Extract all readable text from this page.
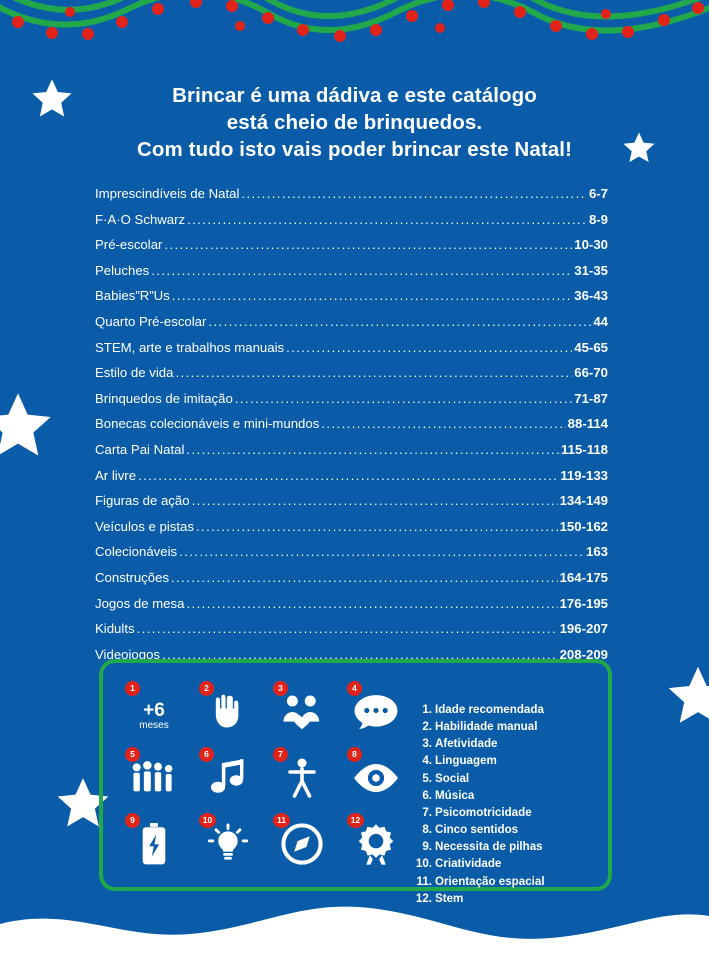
Brincar é uma dádiva e este catálogo
está cheio de brinquedos.
Com tudo isto vais poder brincar este Natal!
Imprescindíveis de Natal .....	6-7
F·A·O Schwarz .....	8-9
Pré-escolar .....	10-30
Peluches .....	31-35
Babies”R”Us .....	36-43
Quarto Pré-escolar .....	44
STEM, arte e trabalhos manuais .....	45-65
Estilo de vida .....	66-70
Brinquedos de imitação .....	71-87
Bonecas colecionáveis e mini-mundos .....	88-114
Carta Pai Natal .....	115-118
Ar livre .....	119-133
Figuras de ação .....	134-149
Veículos e pistas .....	150-162
Colecionáveis .....	163
Construções .....	164-175
Jogos de mesa .....	176-195
Kidults .....	196-207
Videojogos .....	208-209
1
+6
meses
2	3	4
5	6	7	8
9	10	11	12
1. Idade recomendada
2. Habilidade manual
3. Afetividade
4. Linguagem
5. Social
6. Música
7. Psicomotricidade
8. Cinco sentidos
9. Necessita de pilhas
10. Criatividade
11. Orientação espacial
12. Stem
